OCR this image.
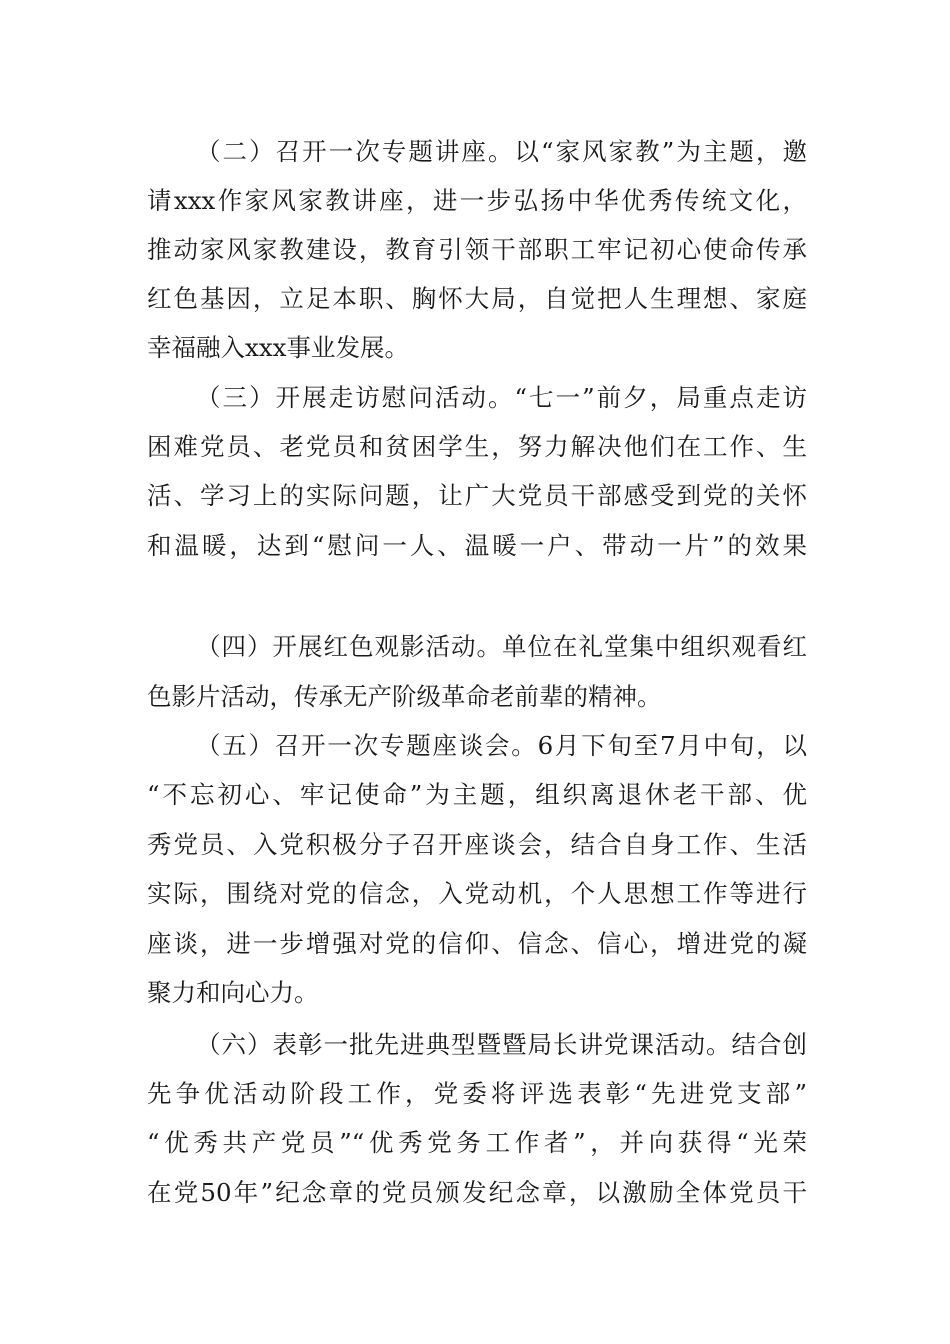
（二）召开一次专题讲座。以“家风家教”为主题，邀
请xxx作家风家教讲座，进一步弘扬中华优秀传统文化，
推动家风家教建设，教育引领干部职工牢记初心使命传承
红色基因，立足本职、胸怀大局，自觉把人生理想、家庭
幸福融入xxx事业发展。
（三）开展走访慰问活动。“七一”前夕，局重点走访
困难党员、老党员和贫困学生，努力解决他们在工作、生
活、学习上的实际问题，让广大党员干部感受到党的关怀
和温暖，达到“慰问一人、温暖一户、带动一片”的效果
（四）开展红色观影活动。单位在礼堂集中组织观看红
色影片活动，传承无产阶级革命老前辈的精神。
（五）召开一次专题座谈会。6月下旬至7月中旬，以
“不忘初心、牢记使命”为主题，组织离退休老干部、优
秀党员、入党积极分子召开座谈会，结合自身工作、生活
实际，围绕对党的信念，入党动机，个人思想工作等进行
座谈，进一步增强对党的信仰、信念、信心，增进党的凝
聚力和向心力。
（六）表彰一批先进典型暨暨局长讲党课活动。结合创
先争优活动阶段工作，党委将评选表彰“先进党支部”
“优秀共产党员”“优秀党务工作者”，并向获得“光荣
在党50年”纪念章的党员颁发纪念章，以激励全体党员干
